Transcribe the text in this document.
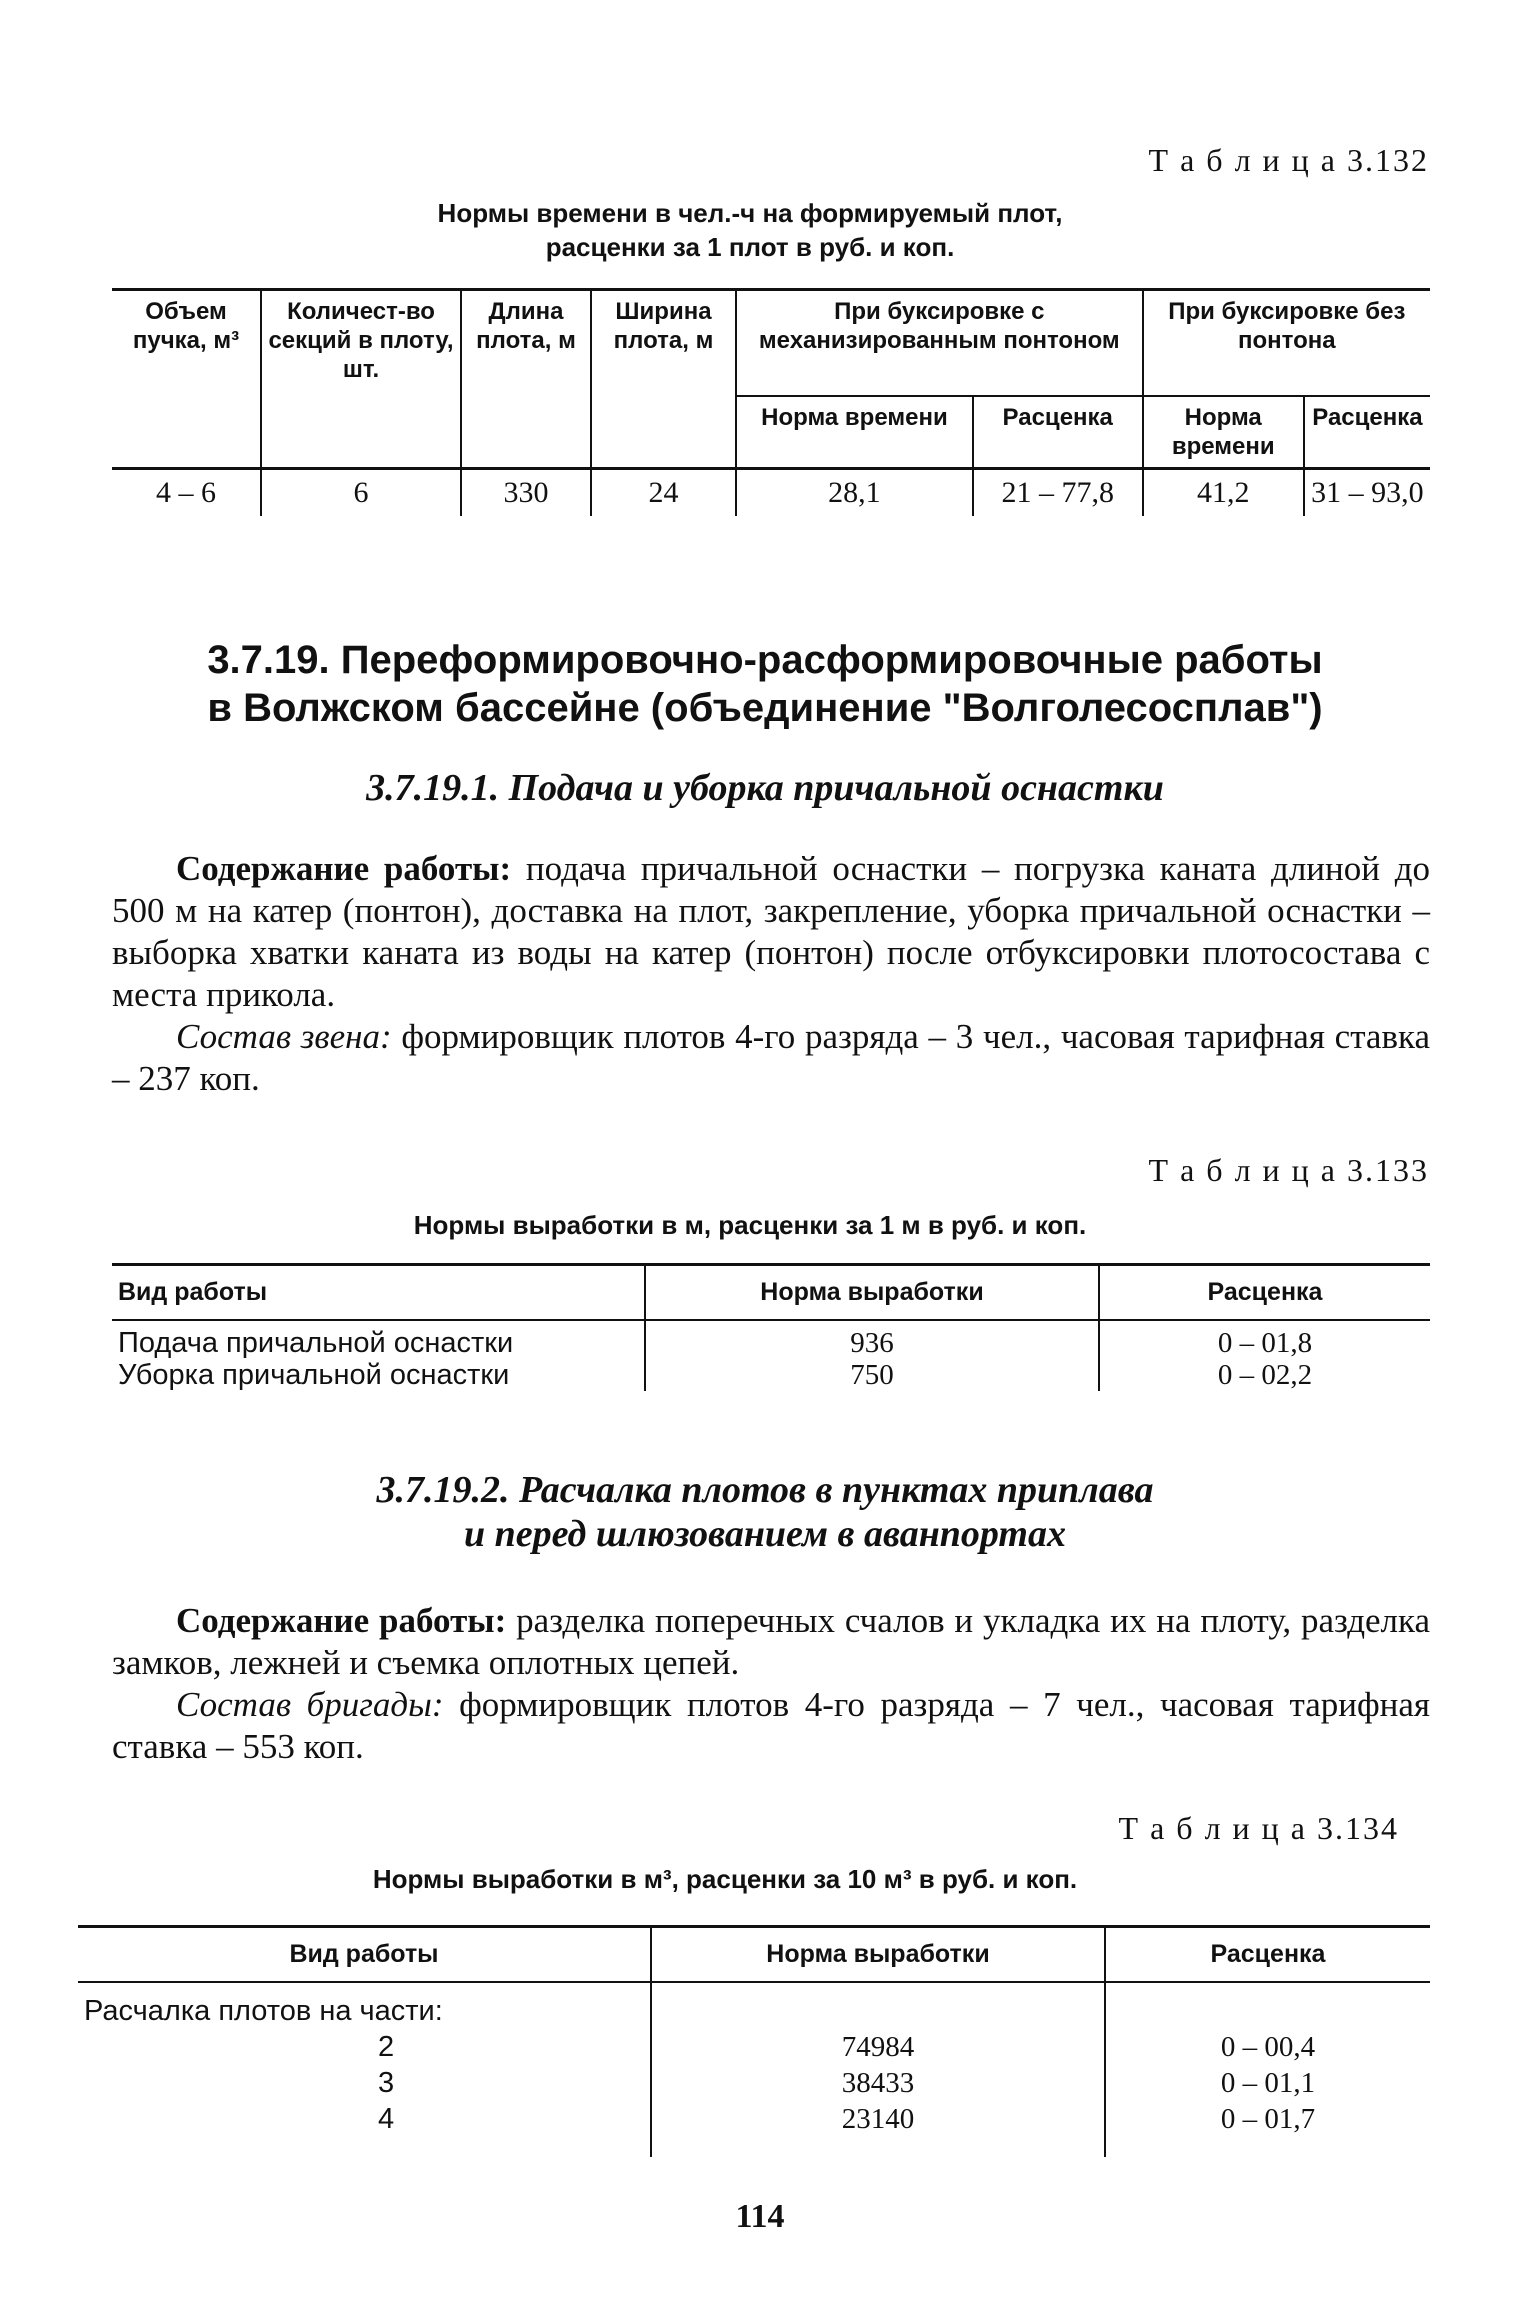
Т а б л и ц а 3.132
Нормы времени в чел.-ч на формируемый плот,
расценки за 1 плот в руб. и коп.
Объем пучка, м³	Количест-во секций в плоту, шт.	Длина плота, м	Ширина плота, м	При буксировке с механизированным понтоном		При буксировке без понтона	
				Норма времени	Расценка	Норма времени	Расценка
4 – 6	6	330	24	28,1	21 – 77,8	41,2	31 – 93,0
3.7.19. Переформировочно-расформировочные работы
в Волжском бассейне (объединение "Волголесосплав")
3.7.19.1. Подача и уборка причальной оснастки
Содержание работы: подача причальной оснастки – погрузка каната длиной до 500 м на катер (понтон), доставка на плот, закрепление, уборка причальной оснастки – выборка хватки каната из воды на катер (понтон) после отбуксировки плотосостава с места прикола.
Состав звена: формировщик плотов 4-го разряда – 3 чел., часовая тарифная ставка – 237 коп.
Т а б л и ц а 3.133
Нормы выработки в м, расценки за 1 м в руб. и коп.
Вид работы	Норма выработки	Расценка

Подача причальной оснастки	936	0 – 01,8
Уборка причальной оснастки	750	0 – 02,2
3.7.19.2. Расчалка плотов в пунктах приплава
и перед шлюзованием в аванпортах
Содержание работы: разделка поперечных счалов и укладка их на плоту, разделка замков, лежней и съемка оплотных цепей.
Состав бригады: формировщик плотов 4-го разряда – 7 чел., часовая тарифная ставка – 553 коп.
Т а б л и ц а 3.134
Нормы выработки в м³, расценки за 10 м³ в руб. и коп.
Вид работы	Норма выработки	Расценка
Расчалка плотов на части:		
2	74984	0 – 00,4
3	38433	0 – 01,1
4	23140	0 – 01,7
114
